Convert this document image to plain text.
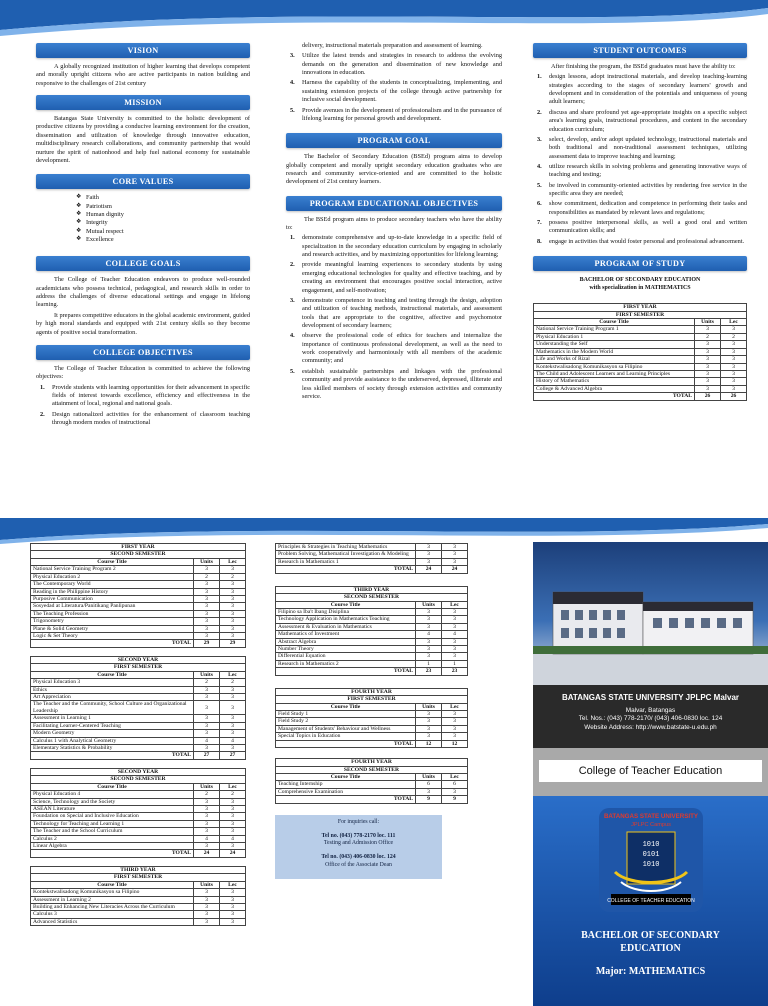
VISION

A globally recognized institution of higher learning that develops competent and morally upright citizens who are active participants in nation building and responsive to the challenges of 21st century

MISSION

Batangas State University is committed to the holistic development of productive citizens by providing a conducive learning environment for the creation, dissemination and utilization of knowledge through innovative education, multidisciplinary research collaborations, and community partnership that would nurture the spirit of nationhood and help fuel national economy for sustainable development.

CORE VALUES
❖ Faith
❖ Patriotism
❖ Human dignity
❖ Integrity
❖ Mutual respect
❖ Excellence
COLLEGE GOALS

The College of Teacher Education endeavors to produce well-rounded academicians who possess technical, pedagogical, and research skills in order to address the challenges of diverse educational settings and engage in lifelong learning.

It prepares competitive educators in the global academic environment, guided by high moral standards and equipped with 21st century skills so they become agents of positive social transformation.

COLLEGE OBJECTIVES

The College of Teacher Education is committed to achieve the following objectives:

1. Provide students with learning opportunities for their advancement in specific fields of interest towards excellence, efficiency and effectiveness in the attainment of local, regional and national goals.
2. Design rationalized activities for the enhancement of classroom teaching through modern modes of instructional

delivery, instructional materials preparation and assessment of learning.

3. Utilize the latest trends and strategies in research to address the evolving demands on the generation and dissemination of new knowledge and innovations in education.
4. Harness the capability of the students in conceptualizing, implementing, and sustaining extension projects of the college through active partnership for inclusive social development.
5. Provide avenues in the development of professionalism and in the pursuance of lifelong learning for personal growth and development.
PROGRAM GOAL

The Bachelor of Secondary Education (BSEd) program aims to develop globally competent and morally upright secondary education graduates who are research and community service-oriented and are committed to the holistic development of 21st century learners.

PROGRAM EDUCATIONAL OBJECTIVES

The BSEd program aims to produce secondary teachers who have the ability to:

1. demonstrate comprehensive and up-to-date knowledge in a specific field of specialization in the secondary education curriculum by engaging in scholarly and research activities, and by maximizing opportunities for lifelong learning;
2. provide meaningful learning experiences to secondary students by using emerging educational technologies for quality and effective teaching, and by creating an environment that encourages positive social interaction, active engagement, and self-motivation;
3. demonstrate competence in teaching and testing through the design, adoption and utilization of teaching methods, instructional materials, and assessment tools that are appropriate to the cognitive, affective and psychomotor development of secondary learners;
4. observe the professional code of ethics for teachers and internalize the importance of continuous professional development, as well as the need to work cooperatively and harmoniously with all members of the academic community; and
5. establish sustainable partnerships and linkages with the professional community and provide assistance to the underserved, depressed, illiterate and less skilled members of society through extension activities and community service.
STUDENT OUTCOMES

After finishing the program, the BSEd graduates must have the ability to:

1. design lessons, adopt instructional materials, and develop teaching-learning strategies according to the stages of secondary learners' growth and development and in consideration of the potentials and uniqueness of young adult learners;
2. discuss and share profound yet age-appropriate insights on a specific subject area's learning goals, instructional procedures, and content in the secondary education curriculum;
3. select, develop, and/or adopt updated technology, instructional materials and both traditional and non-traditional assessment techniques, utilizing assessment data to improve teaching and learning;
4. utilize research skills in solving problems and generating innovative ways of teaching and testing;
5. be involved in community-oriented activities by rendering free service in the specific area they are needed;
6. show commitment, dedication and competence in performing their tasks and responsibilities as mandated by relevant laws and regulations;
7. possess positive interpersonal skills, as well a good oral and written communication skills; and
8. engage in activities that would foster personal and professional advancement.
PROGRAM OF STUDY
BACHELOR OF SECONDARY EDUCATION
with specialization in MATHEMATICS
FIRST YEAR		
FIRST SEMESTER		
Course Title	Units	Lec
National Service Training Program 1	3	3
Physical Education 1	2	2
Understanding the Self	3	3
Mathematics in the Modern World	3	3
Life and Works of Rizal	3	3
Kontekstwalisadong Komunikasyon sa Filipino	3	3
The Child and Adolescent Learners and Learning Principles	3	3
History of Mathematics	3	3
College & Advanced Algebra	3	3
TOTAL	26	26
FIRST YEAR		
SECOND SEMESTER		
Course Title	Units	Lec
National Service Training Program 2	3	3
Physical Education 2	2	2
The Contemporary World	3	3
Reading in the Philippine History	3	3
Purposive Communication	3	3
Sosyedad at Literatura/Panitikang Panlipunan	3	3
The Teaching Profession	3	3
Trigonometry	3	3
Plane & Solid Geometry	3	3
Logic & Set Theory	3	3
TOTAL	29	29
SECOND YEAR		
FIRST SEMESTER		
Course Title	Units	Lec
Physical Education 3	2	2
Ethics	3	3
Art Appreciation	3	3
The Teacher and the Community, School Culture and Organizational Leadership	3	3
Assessment in Learning 1	3	3
Facilitating Learner-Centered Teaching	3	3
Modern Geometry	3	3
Calculus 1 with Analytical Geometry	4	4
Elementary Statistics & Probability	3	3
TOTAL	27	27
SECOND YEAR		
SECOND SEMESTER		
Course Title	Units	Lec
Physical Education 4	2	2
Science, Technology and the Society	3	3
ASEAN Literature	3	3
Foundation on Special and Inclusive Education	3	3
Technology for Teaching and Learning 1	3	3
The Teacher and the School Curriculum	3	3
Calculus 2	4	4
Linear Algebra	3	3
TOTAL	24	24
THIRD YEAR		
FIRST SEMESTER		
Course Title	Units	Lec
Kontekstwalisadong Komunikasyon sa Filipino	3	3
Assessment in Learning 2	3	3
Building and Enhancing New Literacies Across the Curriculum	3	3
Calculus 3	3	3
Advanced Statistics	3	3
Principles & Strategies in Teaching Mathematics	3	3
Problem Solving, Mathematical Investigation & Modeling	3	3
Research in Mathematics 1	3	3
TOTAL	24	24
THIRD YEAR		
SECOND SEMESTER		
Course Title	Units	Lec
Filipino sa Iba't Ibang Disiplina	3	3
Technology Application in Mathematics Teaching	3	3
Assessment & Evaluation in Mathematics	3	3
Mathematics of Investment	4	4
Abstract Algebra	3	3
Number Theory	3	3
Differential Equation	3	3
Research in Mathematics 2	1	1
TOTAL	23	23
FOURTH YEAR		
FIRST SEMESTER		
Course Title	Units	Lec
Field Study 1	3	3
Field Study 2	3	3
Management of Students' Behaviour and Wellness	3	3
Special Topics in Education	3	3
TOTAL	12	12
FOURTH YEAR		
SECOND SEMESTER		
Course Title	Units	Lec
Teaching Internship	6	6
Comprehensive Examination	3	3
TOTAL	9	9
For inquiries call:
Tel no. (043) 778-2170 loc. 111
Testing and Admission Office
Tel no. (043) 406-0830 loc. 124
Office of the Associate Dean
BATANGAS STATE UNIVERSITY JPLPC Malvar
Malvar, Batangas
Tel. Nos.: (043) 778-2170/ (043) 406-0830 loc. 124
Website Address: http://www.batstate-u.edu.ph
College of Teacher Education
BATANGAS STATE UNIVERSITY
JPLPC Campus
1010
0101
1010
COLLEGE OF TEACHER EDUCATION
BACHELOR OF SECONDARY EDUCATION
Major: MATHEMATICS
